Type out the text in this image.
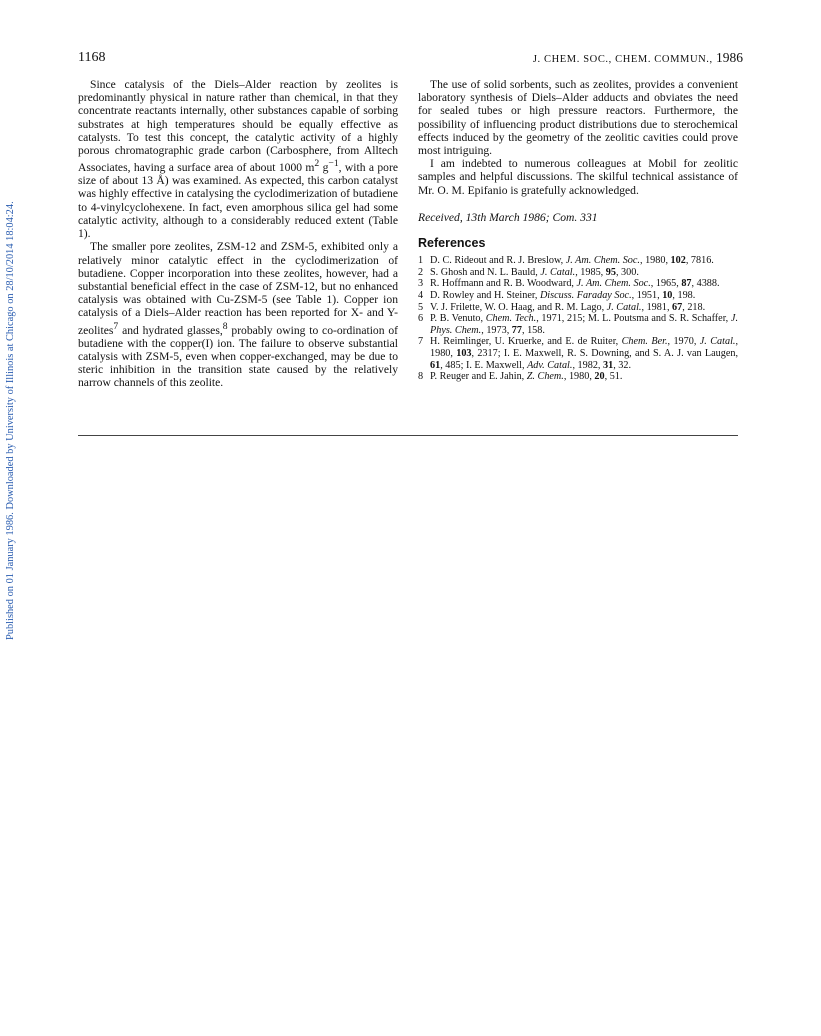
Published on 01 January 1986. Downloaded by University of Illinois at Chicago on 28/10/2014 18:04:24.
1168	J. CHEM. SOC., CHEM. COMMUN., 1986

Since catalysis of the Diels–Alder reaction by zeolites is predominantly physical in nature rather than chemical, in that they concentrate reactants internally, other substances capable of sorbing substrates at high temperatures should be equally effective as catalysts. To test this concept, the catalytic activity of a highly porous chromatographic grade carbon (Carbosphere, from Alltech Associates, having a surface area of about 1000 $m^2$ $g^{-1}$, with a pore size of about 13 Å) was examined. As expected, this carbon catalyst was highly effective in catalysing the cyclodimerization of butadiene to 4-vinylcyclohexene. In fact, even amorphous silica gel had some catalytic activity, although to a considerably reduced extent (Table 1).

The smaller pore zeolites, ZSM-12 and ZSM-5, exhibited only a relatively minor catalytic effect in the cyclodimerization of butadiene. Copper incorporation into these zeolites, however, had a substantial beneficial effect in the case of ZSM-12, but no enhanced catalysis was obtained with Cu-ZSM-5 (see Table 1). Copper ion catalysis of a Diels–Alder reaction has been reported for X- and Y-zeolites$^7$ and hydrated glasses,$^8$ probably owing to co-ordination of butadiene with the copper(I) ion. The failure to observe substantial catalysis with ZSM-5, even when copper-exchanged, may be due to steric inhibition in the transition state caused by the relatively narrow channels of this zeolite.

The use of solid sorbents, such as zeolites, provides a convenient laboratory synthesis of Diels–Alder adducts and obviates the need for sealed tubes or high pressure reactors. Furthermore, the possibility of influencing product distributions due to sterochemical effects induced by the geometry of the zeolitic cavities could prove most intriguing.

I am indebted to numerous colleagues at Mobil for zeolitic samples and helpful discussions. The skilful technical assistance of Mr. O. M. Epifanio is gratefully acknowledged.

Received, 13th March 1986; Com. 331

References
1 D. C. Rideout and R. J. Breslow, J. Am. Chem. Soc., 1980, 102, 7816.
2 S. Ghosh and N. L. Bauld, J. Catal., 1985, 95, 300.
3 R. Hoffmann and R. B. Woodward, J. Am. Chem. Soc., 1965, 87, 4388.
4 D. Rowley and H. Steiner, Discuss. Faraday Soc., 1951, 10, 198.
5 V. J. Frilette, W. O. Haag, and R. M. Lago, J. Catal., 1981, 67, 218.
6 P. B. Venuto, Chem. Tech., 1971, 215; M. L. Poutsma and S. R. Schaffer, J. Phys. Chem., 1973, 77, 158.
7 H. Reimlinger, U. Kruerke, and E. de Ruiter, Chem. Ber., 1970, J. Catal., 1980, 103, 2317; I. E. Maxwell, R. S. Downing, and S. A. J. van Laugen, 61, 485; I. E. Maxwell, Adv. Catal., 1982, 31, 32.
8 P. Reuger and E. Jahin, Z. Chem., 1980, 20, 51.
